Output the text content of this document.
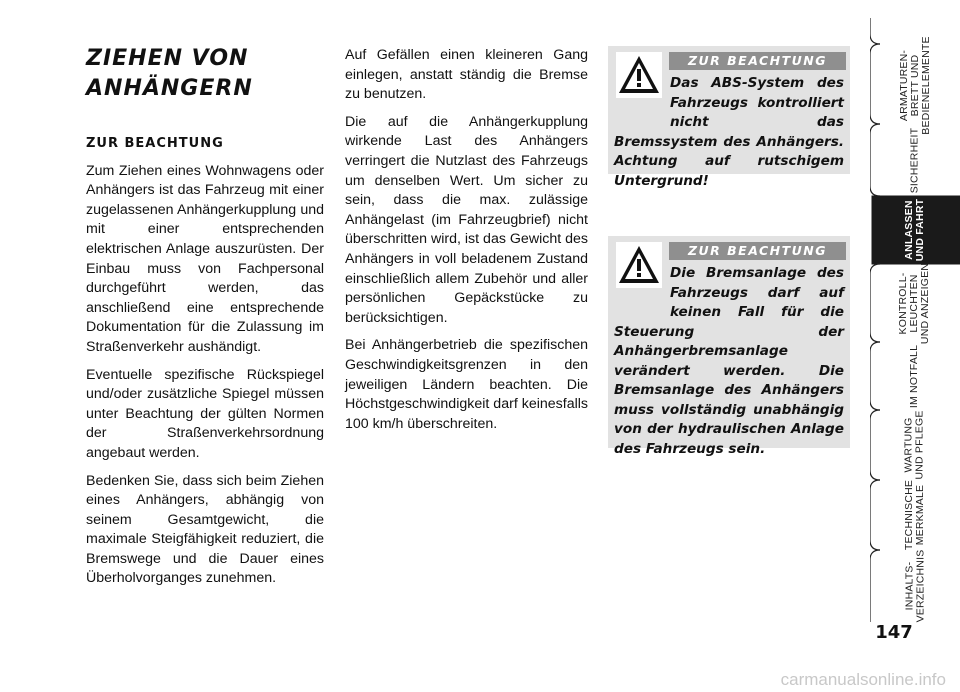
ZIEHEN VON
ANHÄNGERN
ZUR BEACHTUNG

Zum Ziehen eines Wohnwagens oder Anhängers ist das Fahrzeug mit einer zugelassenen Anhängerkupplung und mit einer entsprechenden elektrischen Anlage auszurüsten. Der Einbau muss von Fachpersonal durchgeführt werden, das anschließend eine entsprechende Dokumentation für die Zulassung im Straßenverkehr aushändigt.

Eventuelle spezifische Rückspiegel und/oder zusätzliche Spiegel müssen unter Beachtung der gülten Normen der Straßenverkehrsordnung angebaut werden.

Bedenken Sie, dass sich beim Ziehen eines Anhängers, abhängig von seinem Gesamtgewicht, die maximale Steigfähigkeit reduziert, die Bremswege und die Dauer eines Überholvorganges zunehmen.

Auf Gefällen einen kleineren Gang einlegen, anstatt ständig die Bremse zu benutzen.

Die auf die Anhängerkupplung wirkende Last des Anhängers verringert die Nutzlast des Fahrzeugs um denselben Wert. Um sicher zu sein, dass die max. zulässige Anhängelast (im Fahrzeugbrief) nicht überschritten wird, ist das Gewicht des Anhängers in voll beladenem Zustand einschließlich allem Zubehör und aller persönlichen Gepäckstücke zu berücksichtigen.

Bei Anhängerbetrieb die spezifischen Geschwindigkeitsgrenzen in den jeweiligen Ländern beachten. Die Höchstgeschwindigkeit darf keinesfalls 100 km/h überschreiten.

ZUR BEACHTUNG
Das ABS-System des Fahrzeugs kontrolliert nicht das Bremssystem des Anhängers. Achtung auf rutschigem Untergrund!
ZUR BEACHTUNG
Die Bremsanlage des Fahrzeugs darf auf keinen Fall für die Steuerung der Anhängerbremsanlage verändert werden. Die Bremsanlage des Anhängers muss vollständig unabhängig von der hydraulischen Anlage des Fahrzeugs sein.
ARMATUREN-
BRETT UND
BEDIENELEMENTE
SICHERHEIT
ANLASSEN
UND FAHRT
KONTROLL-
LEUCHTEN
UND ANZEIGEN
IM NOTFALL
WARTUNG
UND PFLEGE
TECHNISCHE
MERKMALE
INHALTS-
VERZEICHNIS
147
carmanualsonline.info
